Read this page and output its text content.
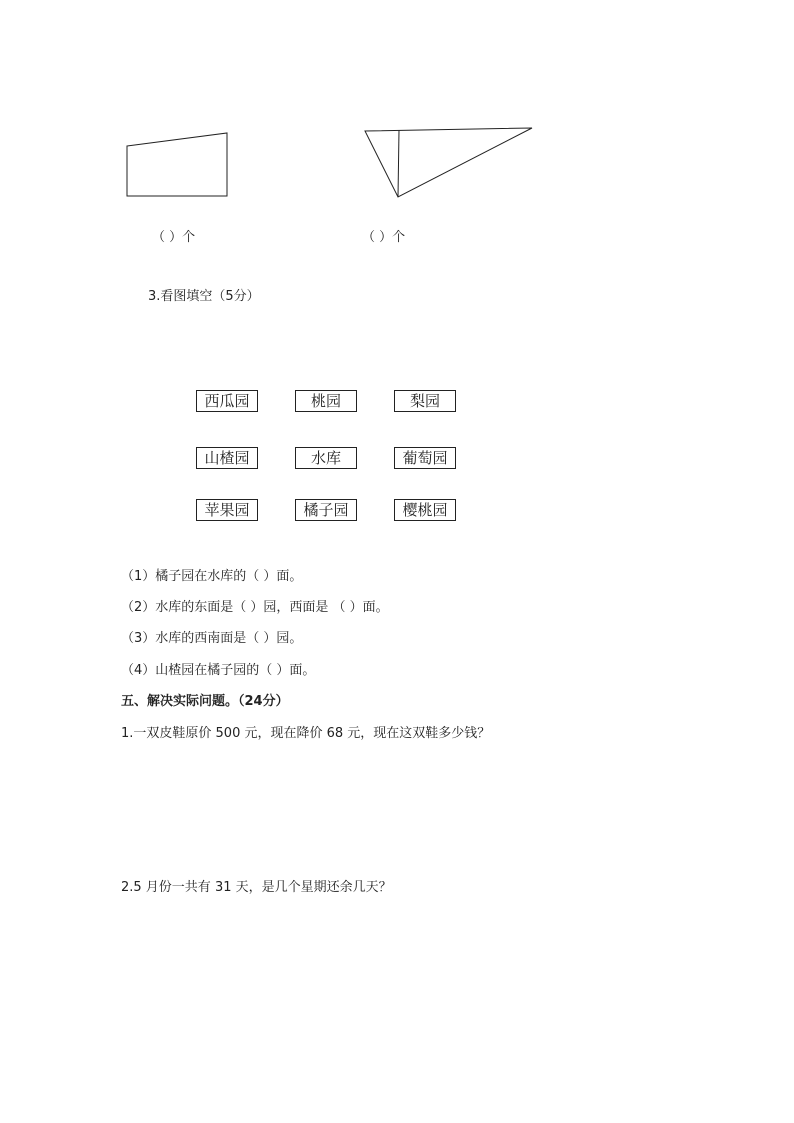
（ ）个	（ ）个
3.看图填空（5分）
西瓜园	桃园	梨园
山楂园	水库	葡萄园
苹果园	橘子园	樱桃园
（1）橘子园在水库的（ ）面。
（2）水库的东面是（ ）园，西面是 （ ）面。
（3）水库的西南面是（ ）园。
（4）山楂园在橘子园的（ ）面。
五、解决实际问题。（24分）
1.一双皮鞋原价 500 元，现在降价 68 元，现在这双鞋多少钱？
2.5 月份一共有 31 天，是几个星期还余几天？
